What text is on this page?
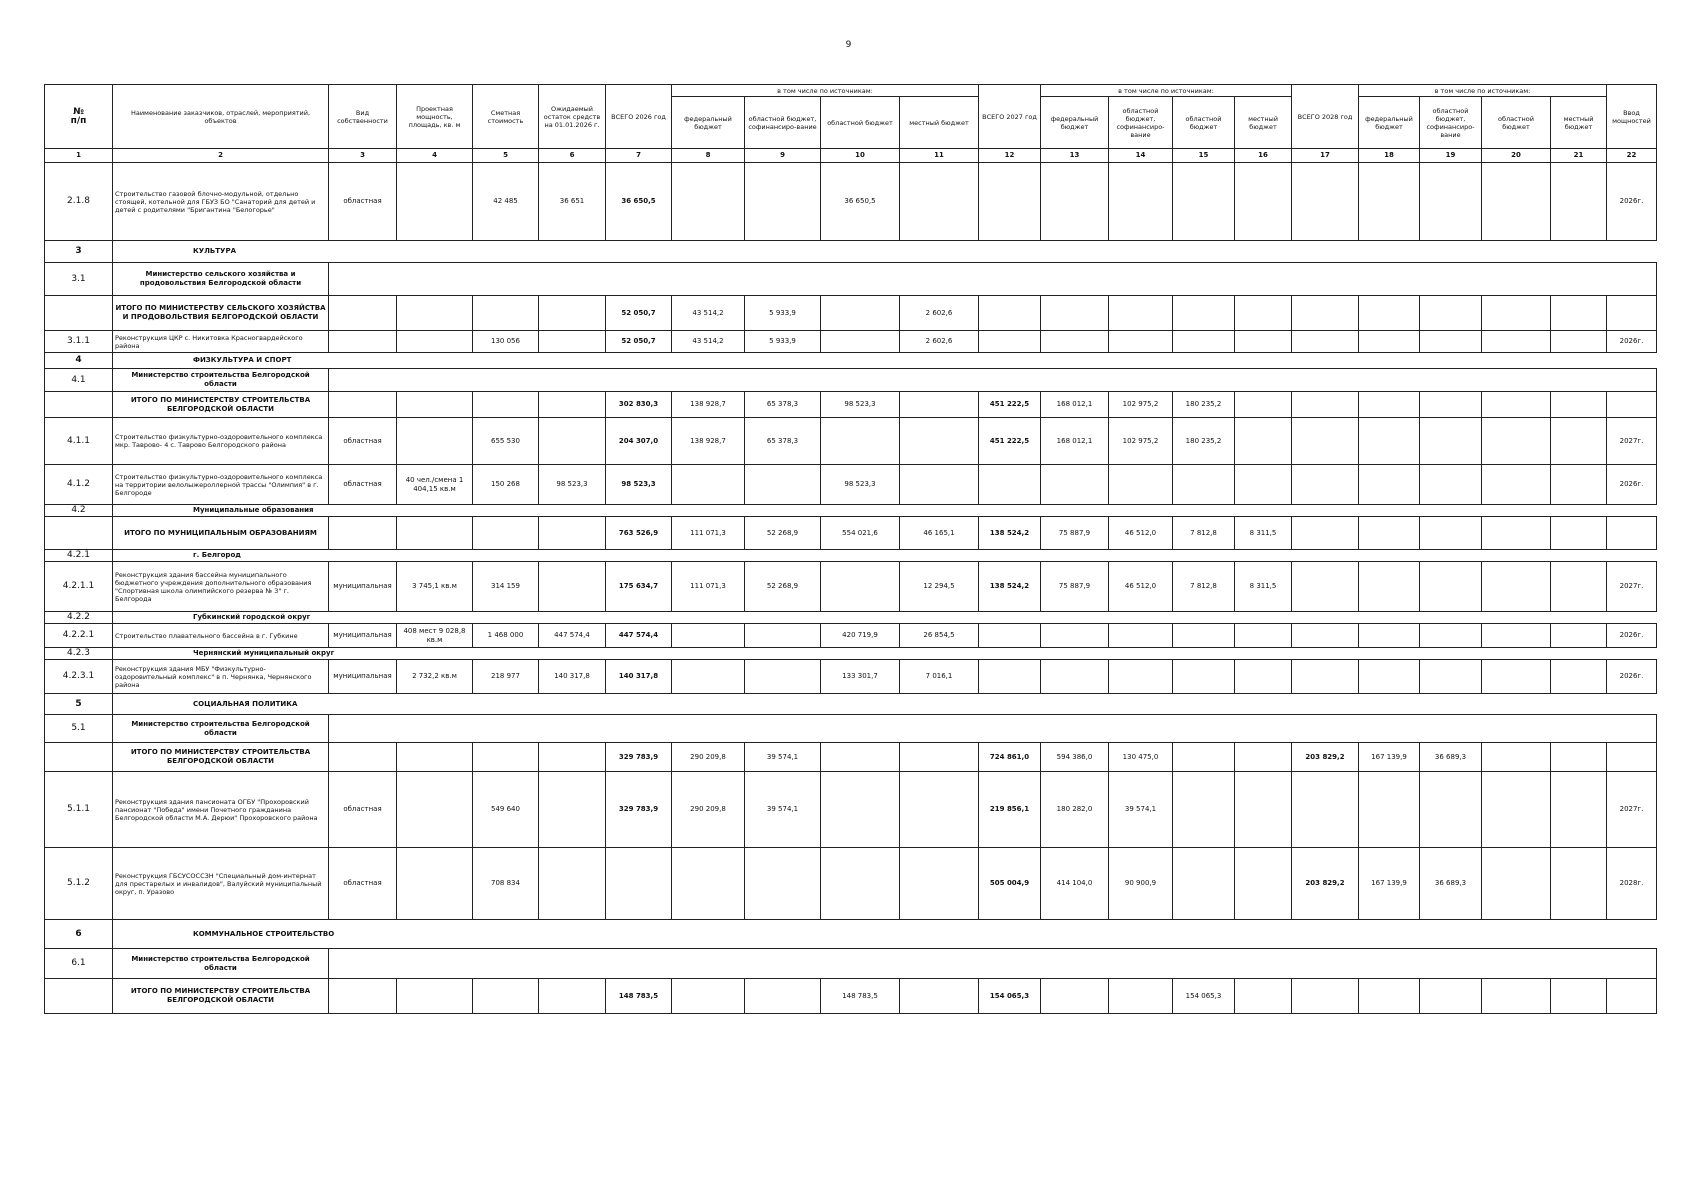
9
№
п/п	Наименование заказчиков, отраслей, мероприятий, объектов	Вид собственности	Проектная мощность, площадь, кв. м	Сметная стоимость	Ожидаемый остаток средств на 01.01.2026 г.	ВСЕГО 2026 год	в том числе по источникам:				ВСЕГО 2027 год	в том числе по источникам:				ВСЕГО 2028 год	в том числе по источникам:				Ввод мощностей
							федеральный бюджет	областной бюджет, софинансиро-вание	областной бюджет	местный бюджет		федеральный бюджет	областной бюджет, софинансиро-вание	областной бюджет	местный бюджет		федеральный бюджет	областной бюджет, софинансиро-вание	областной бюджет	местный бюджет	
1	2	3	4	5	6	7	8	9	10	11	12	13	14	15	16	17	18	19	20	21	22
2.1.8	Строительство газовой блочно-модульной, отдельно стоящей, котельной для ГБУЗ БО "Санаторий для детей и детей с родителями "Бригантина "Белогорье"	областная		42 485	36 651	36 650,5			36 650,5												2026г.
3	КУЛЬТУРА																				
3.1	Министерство сельского хозяйства и продовольствия Белгородской области																				
	ИТОГО ПО МИНИСТЕРСТВУ СЕЛЬСКОГО ХОЗЯЙСТВА И ПРОДОВОЛЬСТВИЯ БЕЛГОРОДСКОЙ ОБЛАСТИ					52 050,7	43 514,2	5 933,9		2 602,6											
3.1.1	Реконструкция ЦКР с. Никитовка Красногвардейского района			130 056		52 050,7	43 514,2	5 933,9		2 602,6											2026г.
4	ФИЗКУЛЬТУРА И СПОРТ																				
4.1	Министерство строительства Белгородской области																				
	ИТОГО ПО МИНИСТЕРСТВУ СТРОИТЕЛЬСТВА БЕЛГОРОДСКОЙ ОБЛАСТИ					302 830,3	138 928,7	65 378,3	98 523,3		451 222,5	168 012,1	102 975,2	180 235,2							
4.1.1	Строительство физкультурно-оздоровительного комплекса мкр. Таврово- 4 с. Таврово Белгородского района	областная		655 530		204 307,0	138 928,7	65 378,3			451 222,5	168 012,1	102 975,2	180 235,2							2027г.
4.1.2	Строительство физкультурно-оздоровительного комплекса на территории велолыжероллерной трассы "Олимпия" в г. Белгороде	областная	40 чел./смена 1 404,15 кв.м	150 268	98 523,3	98 523,3			98 523,3												2026г.
4.2	Муниципальные образования																				
	ИТОГО ПО МУНИЦИПАЛЬНЫМ ОБРАЗОВАНИЯМ					763 526,9	111 071,3	52 268,9	554 021,6	46 165,1	138 524,2	75 887,9	46 512,0	7 812,8	8 311,5						
4.2.1	г. Белгород																				
4.2.1.1	Реконструкция здания бассейна муниципального бюджетного учреждения дополнительного образования "Спортивная школа олимпийского резерва № 3" г. Белгорода	муниципальная	3 745,1 кв.м	314 159		175 634,7	111 071,3	52 268,9		12 294,5	138 524,2	75 887,9	46 512,0	7 812,8	8 311,5						2027г.
4.2.2	Губкинский городской округ																				
4.2.2.1	Строительство плавательного бассейна в г. Губкине	муниципальная	408 мест 9 028,8 кв.м	1 468 000	447 574,4	447 574,4			420 719,9	26 854,5											2026г.
4.2.3	Чернянский муниципальный округ																				
4.2.3.1	Реконструкция здания МБУ "Физкультурно-оздоровительный комплекс" в п. Чернянка, Чернянского района	муниципальная	2 732,2 кв.м	218 977	140 317,8	140 317,8			133 301,7	7 016,1											2026г.
5	СОЦИАЛЬНАЯ ПОЛИТИКА																				
5.1	Министерство строительства Белгородской области																				
	ИТОГО ПО МИНИСТЕРСТВУ СТРОИТЕЛЬСТВА БЕЛГОРОДСКОЙ ОБЛАСТИ					329 783,9	290 209,8	39 574,1			724 861,0	594 386,0	130 475,0			203 829,2	167 139,9	36 689,3			
5.1.1	Реконструкция здания пансионата ОГБУ "Прохоровский пансионат "Победа" имени Почетного гражданина Белгородской области М.А. Дерюи" Прохоровского района	областная		549 640		329 783,9	290 209,8	39 574,1			219 856,1	180 282,0	39 574,1								2027г.
5.1.2	Реконструкция ГБСУСОССЗН "Специальный дом-интернат для престарелых и инвалидов", Валуйский муниципальный округ, п. Уразово	областная		708 834							505 004,9	414 104,0	90 900,9			203 829,2	167 139,9	36 689,3			2028г.
6	КОММУНАЛЬНОЕ СТРОИТЕЛЬСТВО																				
6.1	Министерство строительства Белгородской области																				
	ИТОГО ПО МИНИСТЕРСТВУ СТРОИТЕЛЬСТВА БЕЛГОРОДСКОЙ ОБЛАСТИ					148 783,5			148 783,5		154 065,3			154 065,3							
